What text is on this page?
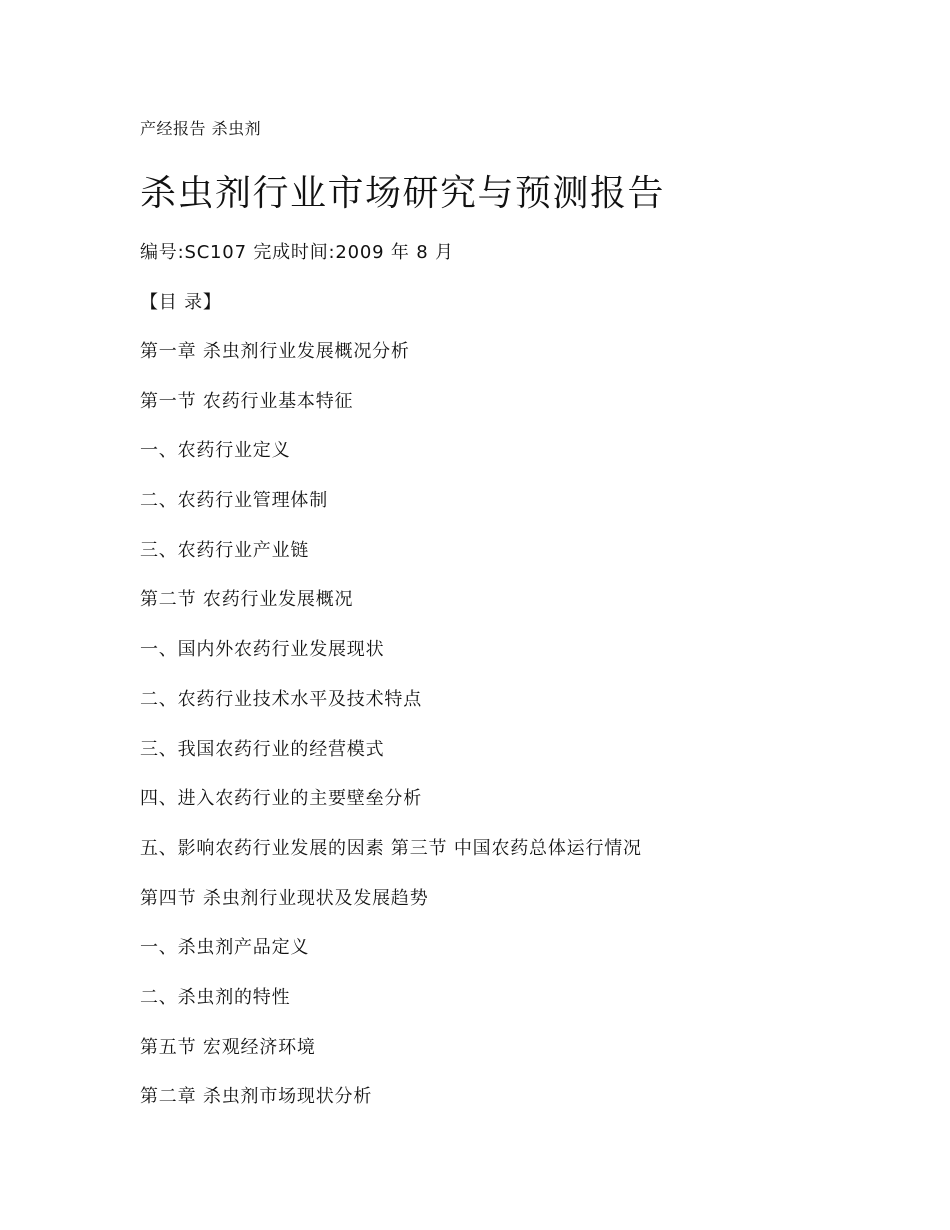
产经报告 杀虫剂
杀虫剂行业市场研究与预测报告
编号:SC107 完成时间:2009 年 8 月
【目 录】
第一章 杀虫剂行业发展概况分析
第一节 农药行业基本特征
一、农药行业定义
二、农药行业管理体制
三、农药行业产业链
第二节 农药行业发展概况
一、国内外农药行业发展现状
二、农药行业技术水平及技术特点
三、我国农药行业的经营模式
四、进入农药行业的主要壁垒分析
五、影响农药行业发展的因素 第三节 中国农药总体运行情况
第四节 杀虫剂行业现状及发展趋势
一、杀虫剂产品定义
二、杀虫剂的特性
第五节 宏观经济环境
第二章 杀虫剂市场现状分析
